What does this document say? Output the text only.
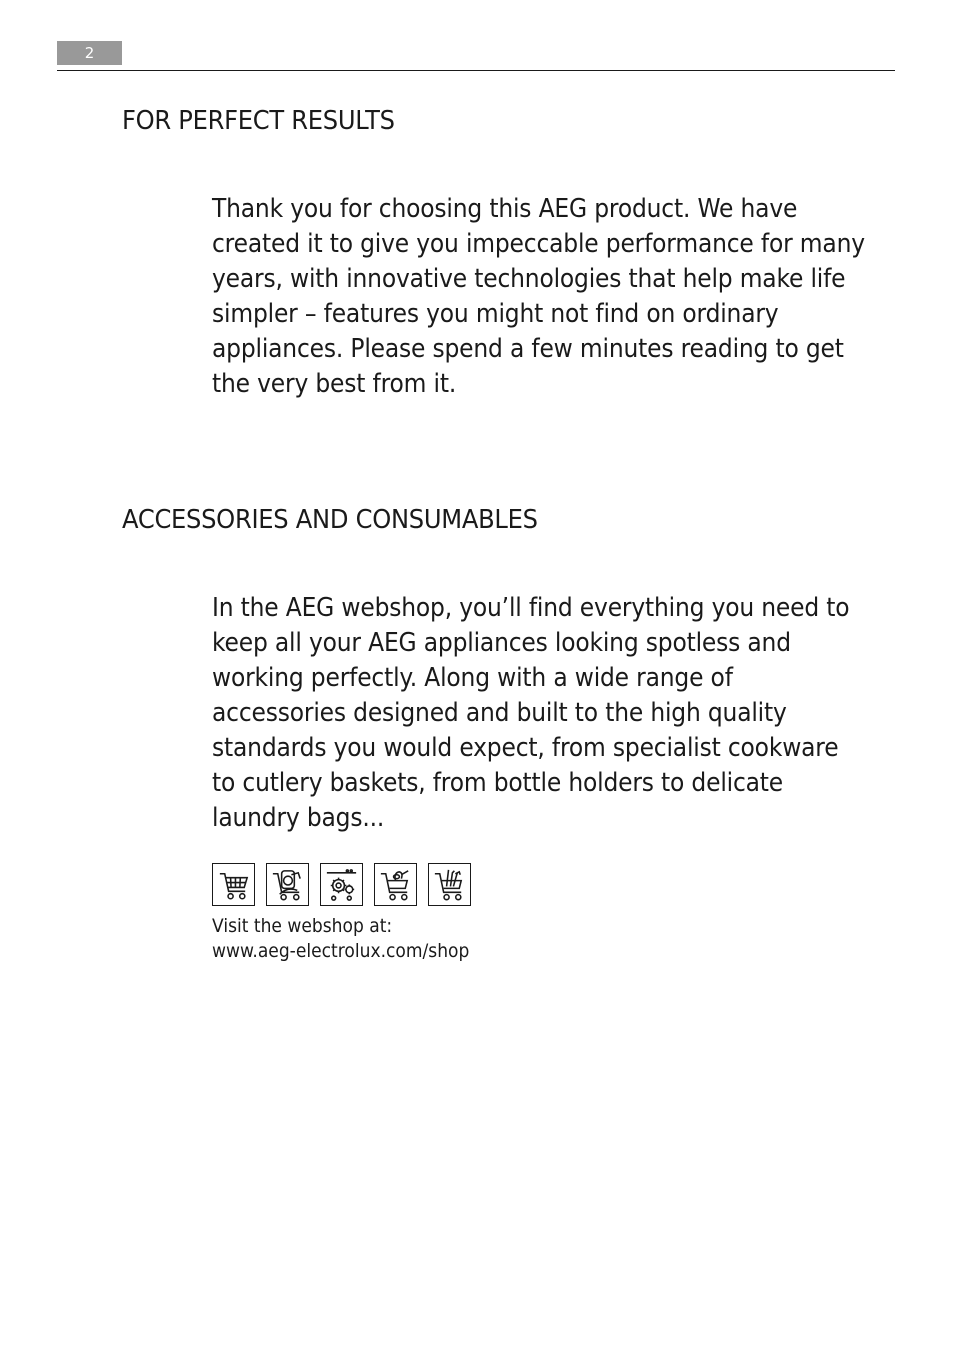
2
FOR PERFECT RESULTS

Thank you for choosing this AEG product. We have
created it to give you impeccable performance for many
years, with innovative technologies that help make life
simpler – features you might not find on ordinary
appliances. Please spend a few minutes reading to get
the very best from it.

ACCESSORIES AND CONSUMABLES

In the AEG webshop, you’ll find everything you need to
keep all your AEG appliances looking spotless and
working perfectly. Along with a wide range of
accessories designed and built to the high quality
standards you would expect, from specialist cookware
to cutlery baskets, from bottle holders to delicate
laundry bags...

Visit the webshop at:
www.aeg-electrolux.com/shop
